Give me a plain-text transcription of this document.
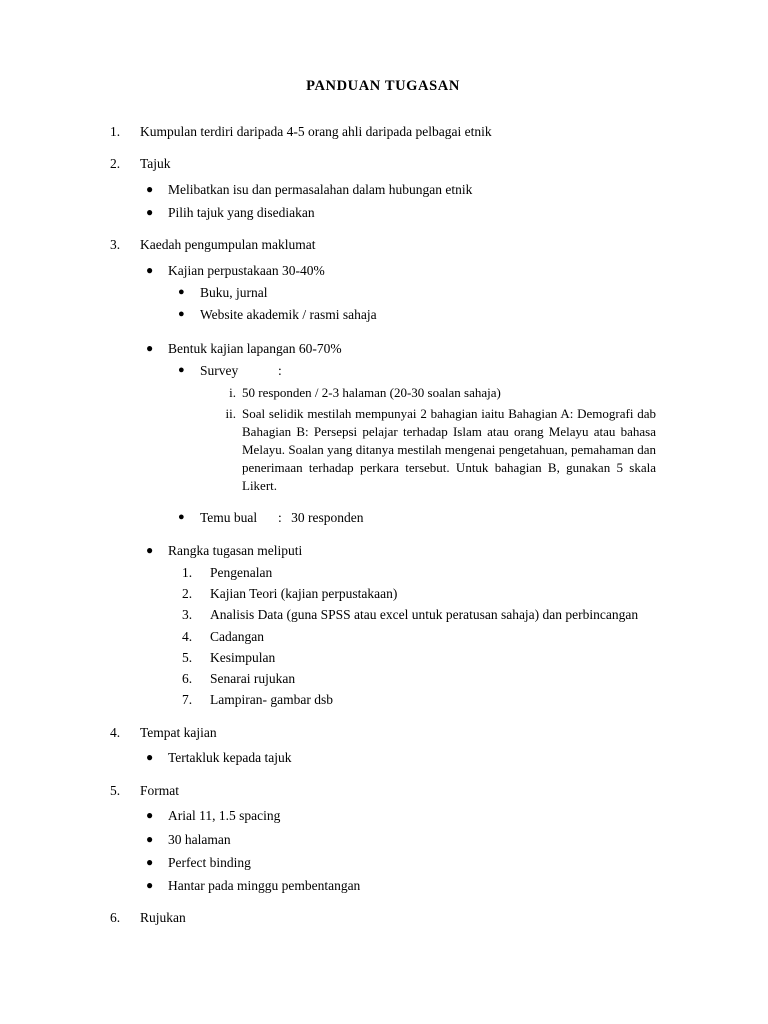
PANDUAN TUGASAN
1.	Kumpulan terdiri daripada 4-5 orang ahli daripada pelbagai etnik
2.	Tajuk
● Melibatkan isu dan permasalahan dalam hubungan etnik
● Pilih tajuk yang disediakan
3.	Kaedah pengumpulan maklumat
● Kajian perpustakaan 30-40%
● Buku, jurnal
● Website akademik / rasmi sahaja
● Bentuk kajian lapangan 60-70%
● Survey	:
i. 50 responden / 2-3 halaman (20-30 soalan sahaja)
ii. Soal selidik mestilah mempunyai 2 bahagian iaitu Bahagian A: Demografi dab Bahagian B: Persepsi pelajar terhadap Islam atau orang Melayu atau bahasa Melayu. Soalan yang ditanya mestilah mengenai pengetahuan, pemahaman dan penerimaan terhadap perkara tersebut. Untuk bahagian B, gunakan 5 skala Likert.
● Temu bual : 30 responden
● Rangka tugasan meliputi
1.	Pengenalan
2.	Kajian Teori (kajian perpustakaan)
3.	Analisis Data (guna SPSS atau excel untuk peratusan sahaja) dan perbincangan
4.	Cadangan
5.	Kesimpulan
6.	Senarai rujukan
7.	Lampiran- gambar dsb
4.	Tempat kajian
● Tertakluk kepada tajuk
5.	Format
● Arial 11, 1.5 spacing
● 30 halaman
● Perfect binding
● Hantar pada minggu pembentangan
6.	Rujukan
